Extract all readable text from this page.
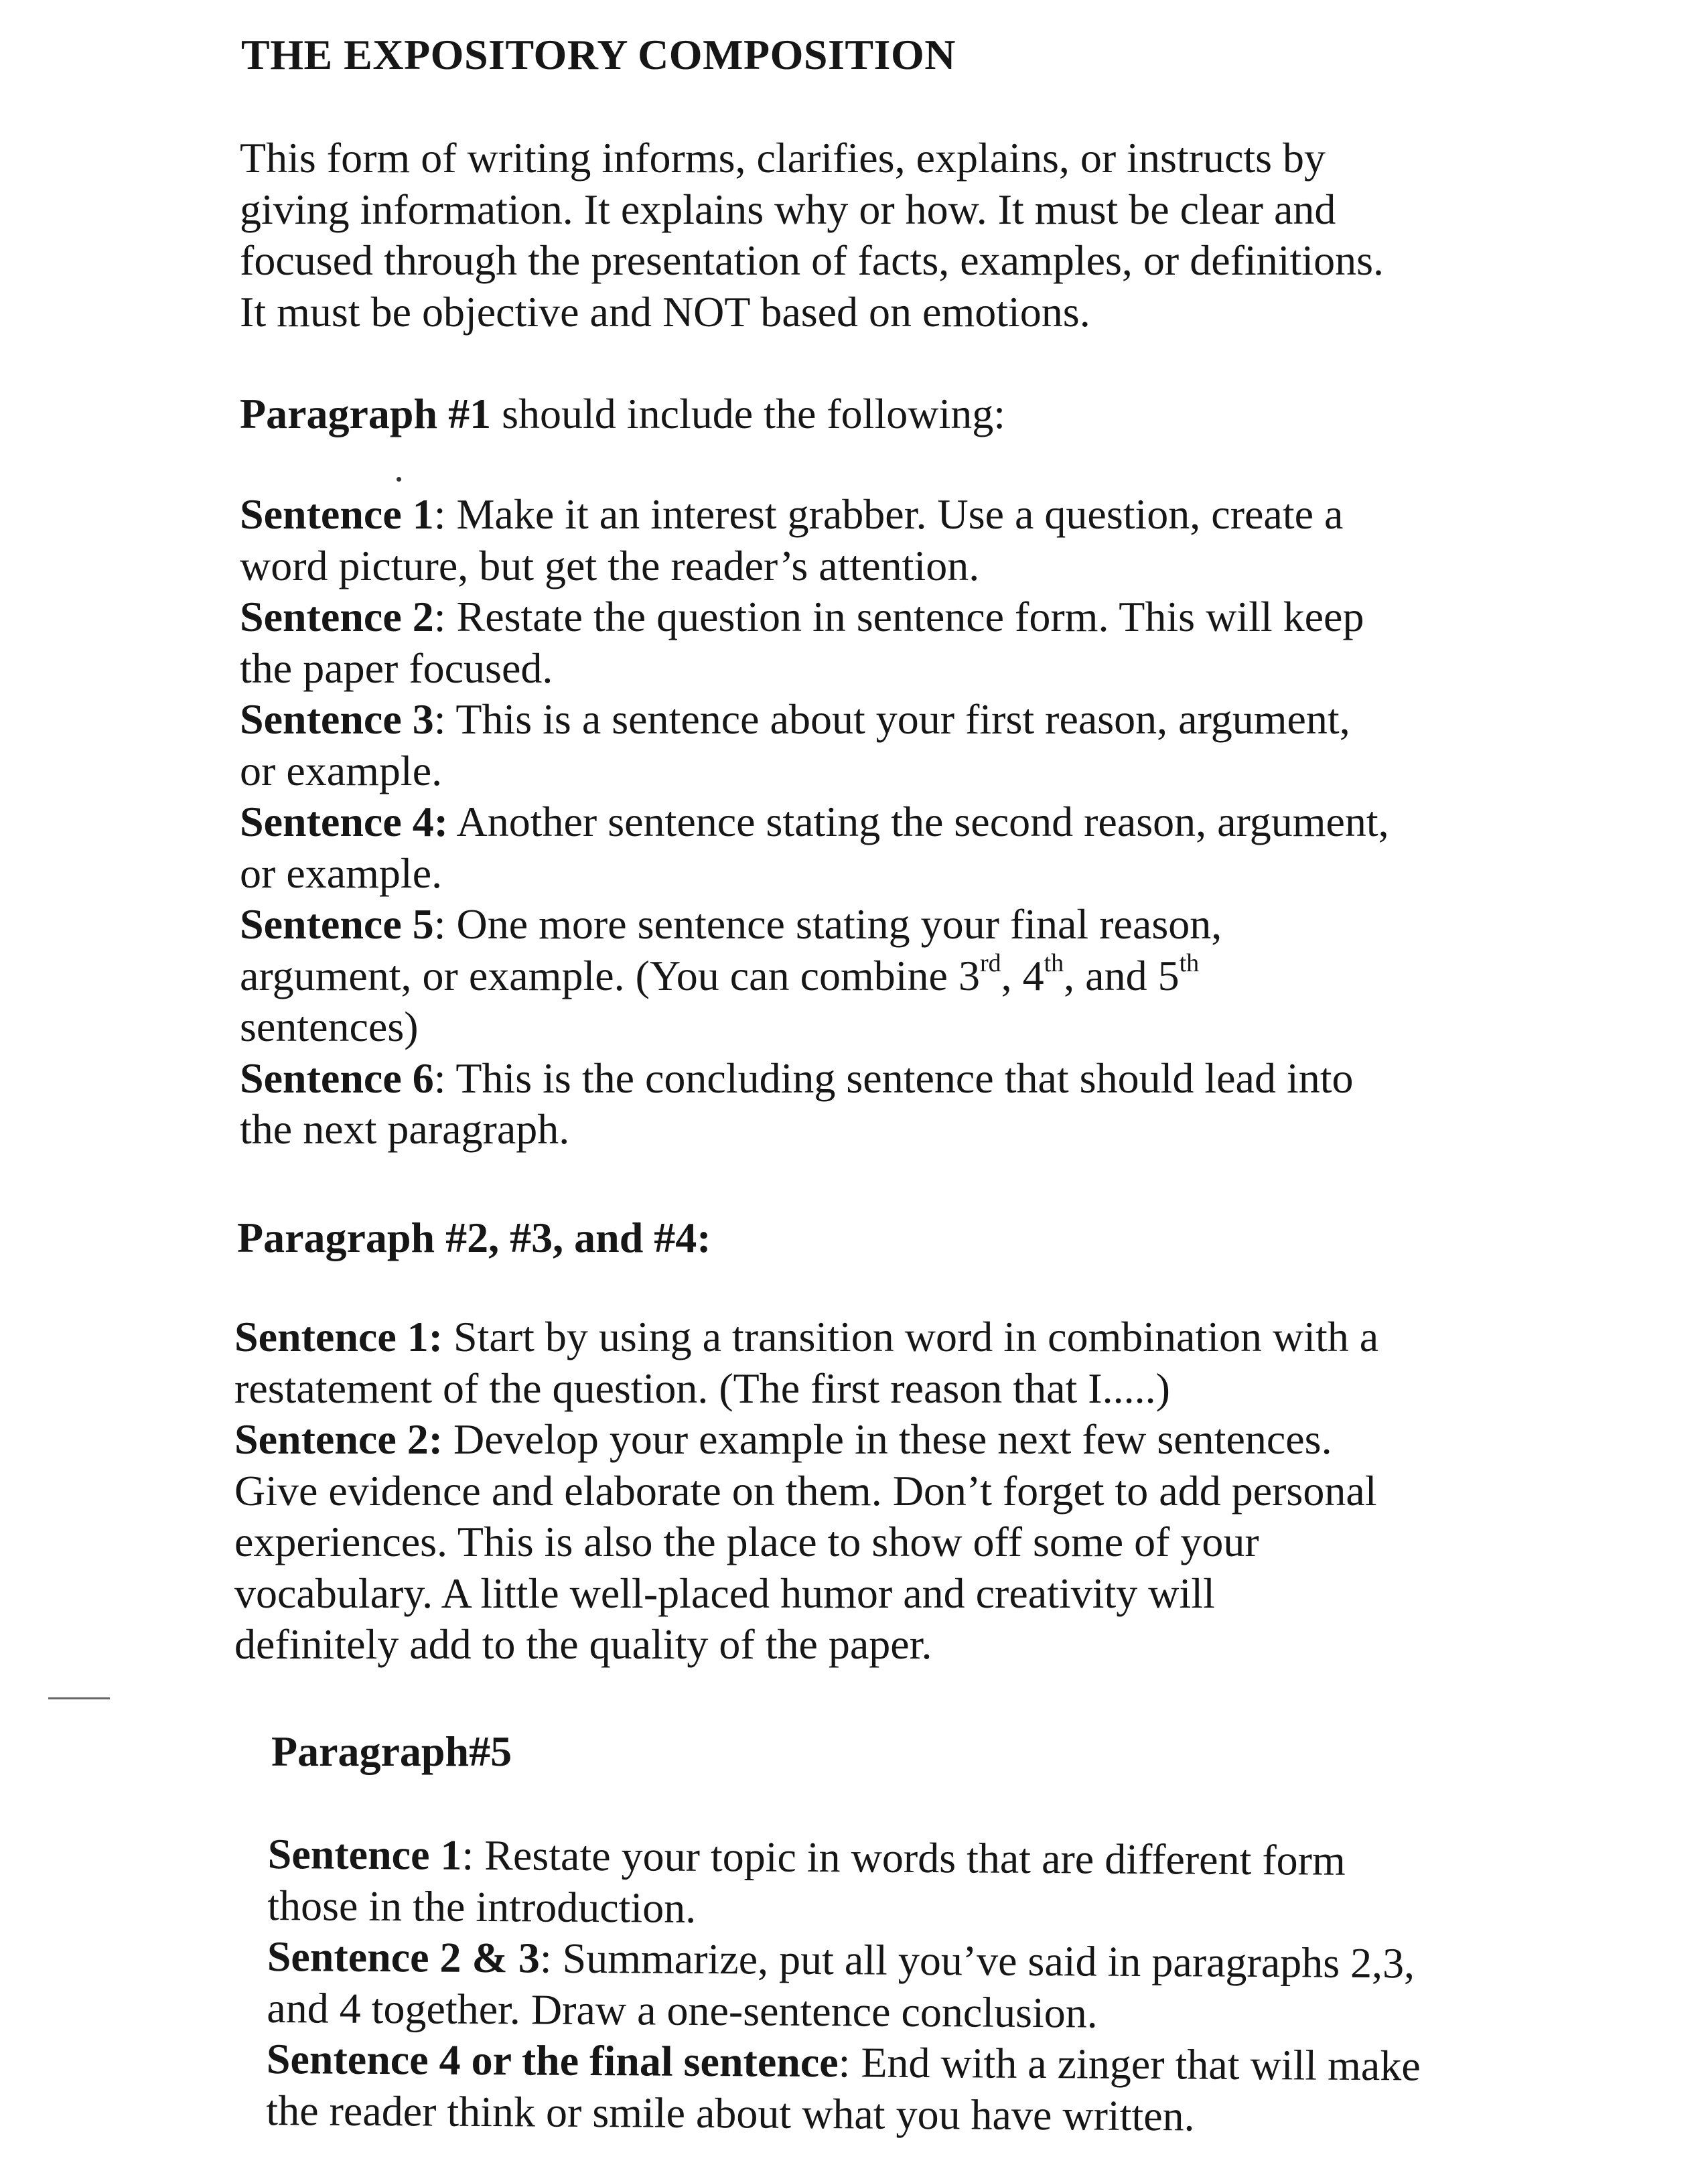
THE EXPOSITORY COMPOSITION
This form of writing informs, clarifies, explains, or instructs by
giving information. It explains why or how. It must be clear and
focused through the presentation of facts, examples, or definitions.
It must be objective and NOT based on emotions.
Paragraph #1 should include the following:
Sentence 1: Make it an interest grabber. Use a question, create a
word picture, but get the reader’s attention.
Sentence 2: Restate the question in sentence form. This will keep
the paper focused.
Sentence 3: This is a sentence about your first reason, argument,
or example.
Sentence 4: Another sentence stating the second reason, argument,
or example.
Sentence 5: One more sentence stating your final reason,
argument, or example. (You can combine 3rd, 4th, and 5th
sentences)
Sentence 6: This is the concluding sentence that should lead into
the next paragraph.
Paragraph #2, #3, and #4:
Sentence 1: Start by using a transition word in combination with a
restatement of the question. (The first reason that I.....)
Sentence 2: Develop your example in these next few sentences.
Give evidence and elaborate on them. Don’t forget to add personal
experiences. This is also the place to show off some of your
vocabulary. A little well-placed humor and creativity will
definitely add to the quality of the paper.
Paragraph#5
Sentence 1: Restate your topic in words that are different form
those in the introduction.
Sentence 2 & 3: Summarize, put all you’ve said in paragraphs 2,3,
and 4 together. Draw a one-sentence conclusion.
Sentence 4 or the final sentence: End with a zinger that will make
the reader think or smile about what you have written.
